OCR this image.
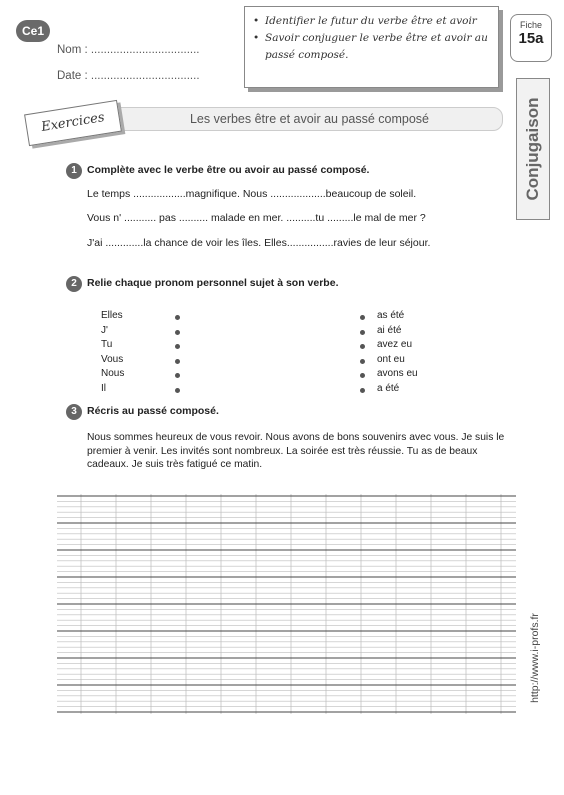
Ce1
Nom : ..................................
Date : ..................................
• Identifier le futur du verbe être et avoir
• Savoir conjuguer le verbe être et avoir au passé composé.
Fiche
15a
Conjugaison
Les verbes être et avoir au passé composé
Exercices
1 Complète avec le verbe être ou avoir au passé composé.
Le temps ..................magnifique. Nous ...................beaucoup de soleil.
Vous n' ........... pas .......... malade en mer. ..........tu .........le mal de mer ?
J'ai .............la chance de voir les îles. Elles................ravies de leur séjour.
2 Relie chaque pronom personnel sujet à son verbe.
Elles
J'
Tu
Vous
Nous
Il
as été
ai été
avez eu
ont eu
avons eu
a été
3 Récris au passé composé.
Nous sommes heureux de vous revoir. Nous avons de bons souvenirs avec vous. Je suis le premier à venir. Les invités sont nombreux. La soirée est très réussie. Tu as de beaux cadeaux. Je suis très fatigué ce matin.
http://www.i-profs.fr
